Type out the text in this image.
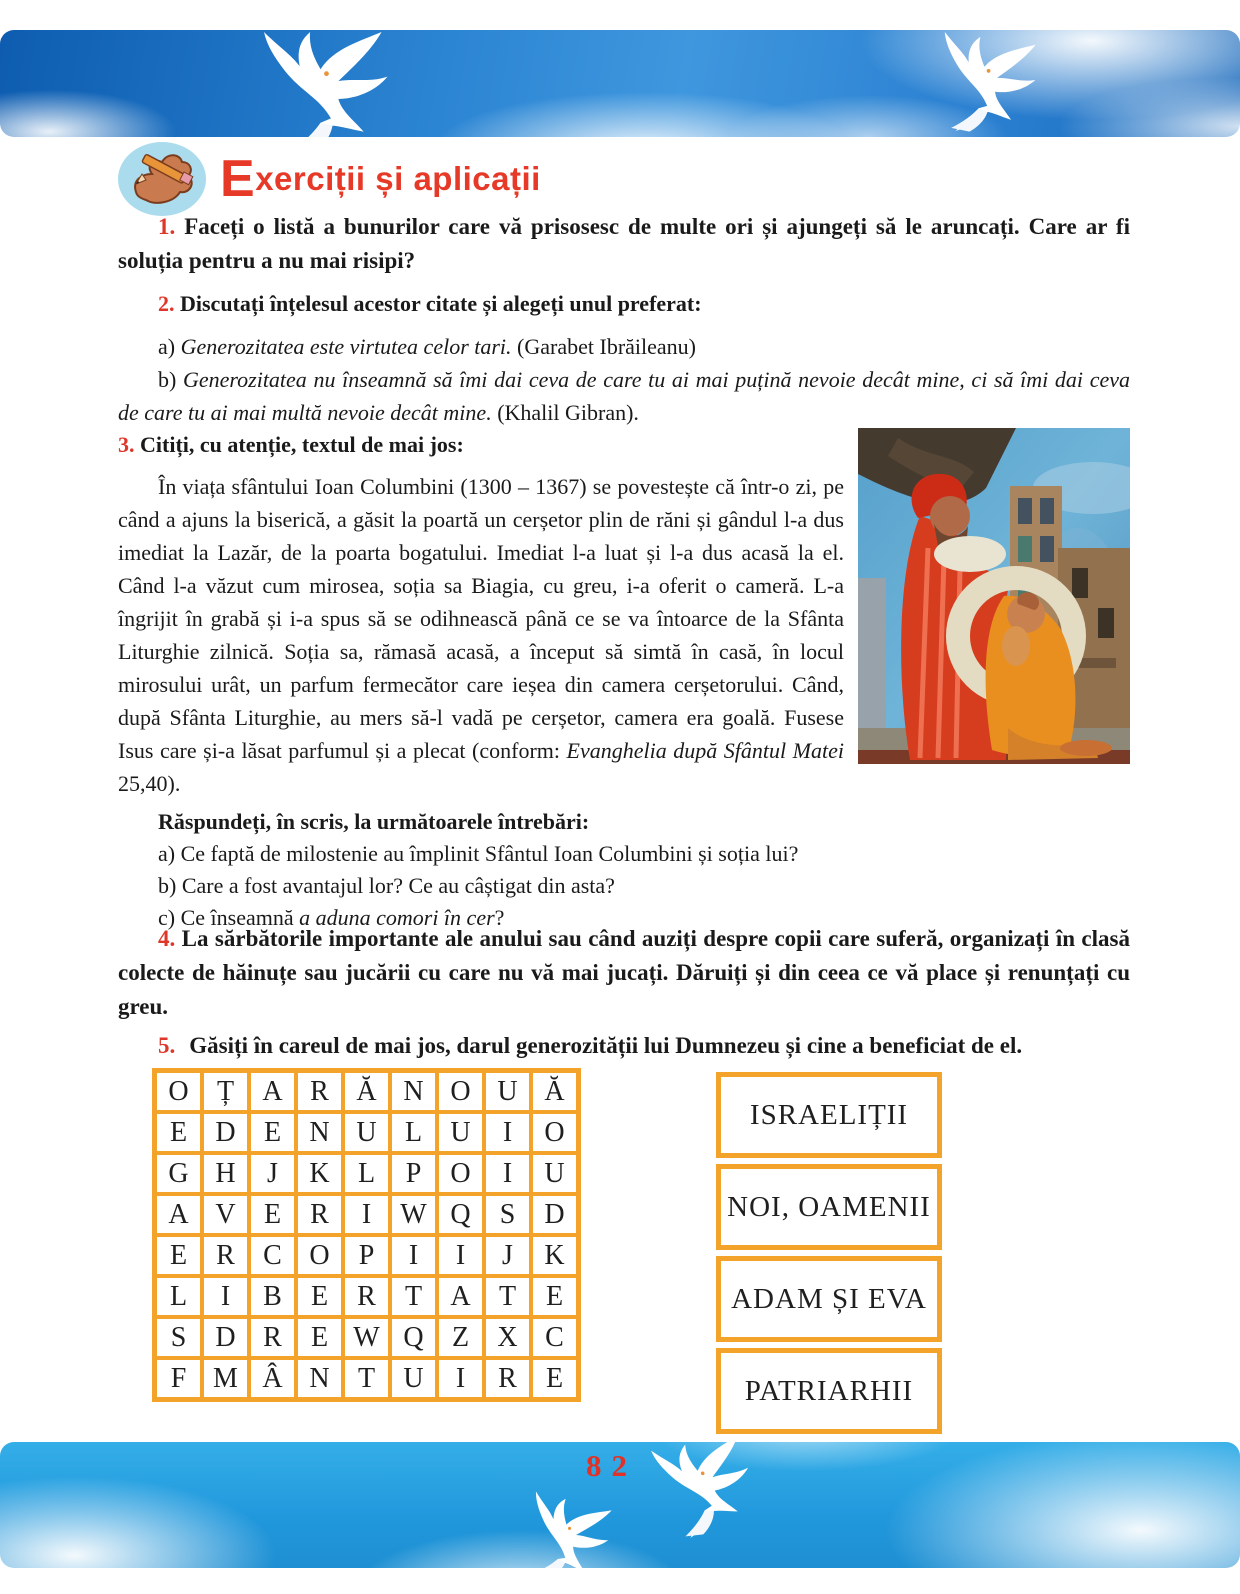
Exerciții și aplicații
1. Faceți o listă a bunurilor care vă prisosesc de multe ori și ajungeți să le aruncați. Care ar fi soluția pentru a nu mai risipi?

2. Discutați înțelesul acestor citate și alegeți unul preferat:

a) Generozitatea este virtutea celor tari. (Garabet Ibrăileanu)

b) Generozitatea nu înseamnă să îmi dai ceva de care tu ai mai puțină nevoie decât mine, ci să îmi dai ceva de care tu ai mai multă nevoie decât mine. (Khalil Gibran).

3. Citiți, cu atenție, textul de mai jos:

În viața sfântului Ioan Columbini (1300 – 1367) se povestește că într-o zi, pe când a ajuns la biserică, a găsit la poartă un cerșetor plin de răni și gândul l-a dus imediat la Lazăr, de la poarta bogatului. Imediat l-a luat și l-a dus acasă la el. Când l-a văzut cum mirosea, soția sa Biagia, cu greu, i-a oferit o cameră. L-a îngrijit în grabă și i-a spus să se odihnească până ce se va întoarce de la Sfânta Liturghie zilnică. Soția sa, rămasă acasă, a început să simtă în casă, în locul mirosului urât, un parfum fermecător care ieșea din camera cerșetorului. Când, după Sfânta Liturghie, au mers să-l vadă pe cerșetor, camera era goală. Fusese Isus care și-a lăsat parfumul și a plecat (conform: Evanghelia după Sfântul Matei 25,40).

Răspundeți, în scris, la următoarele întrebări:

a) Ce faptă de milostenie au împlinit Sfântul Ioan Columbini și soția lui?

b) Care a fost avantajul lor? Ce au câștigat din asta?

c) Ce înseamnă a aduna comori în cer?

4. La sărbătorile importante ale anului sau când auziți despre copii care suferă, organizați în clasă colecte de hăinuțe sau jucării cu care nu vă mai jucați. Dăruiți și din ceea ce vă place și renunțați cu greu.
5. Găsiți în careul de mai jos, darul generozității lui Dumnezeu și cine a beneficiat de el.
O	Ț	A	R	Ă	N	O	U	Ă
E	D	E	N	U	L	U	I	O
G	H	J	K	L	P	O	I	U
A	V	E	R	I	W	Q	S	D
E	R	C	O	P	I	I	J	K
L	I	B	E	R	T	A	T	E
S	D	R	E	W	Q	Z	X	C
F	M	Â	N	T	U	I	R	E
ISRAELIȚII
NOI, OAMENII
ADAM ȘI EVA
PATRIARHII
82
